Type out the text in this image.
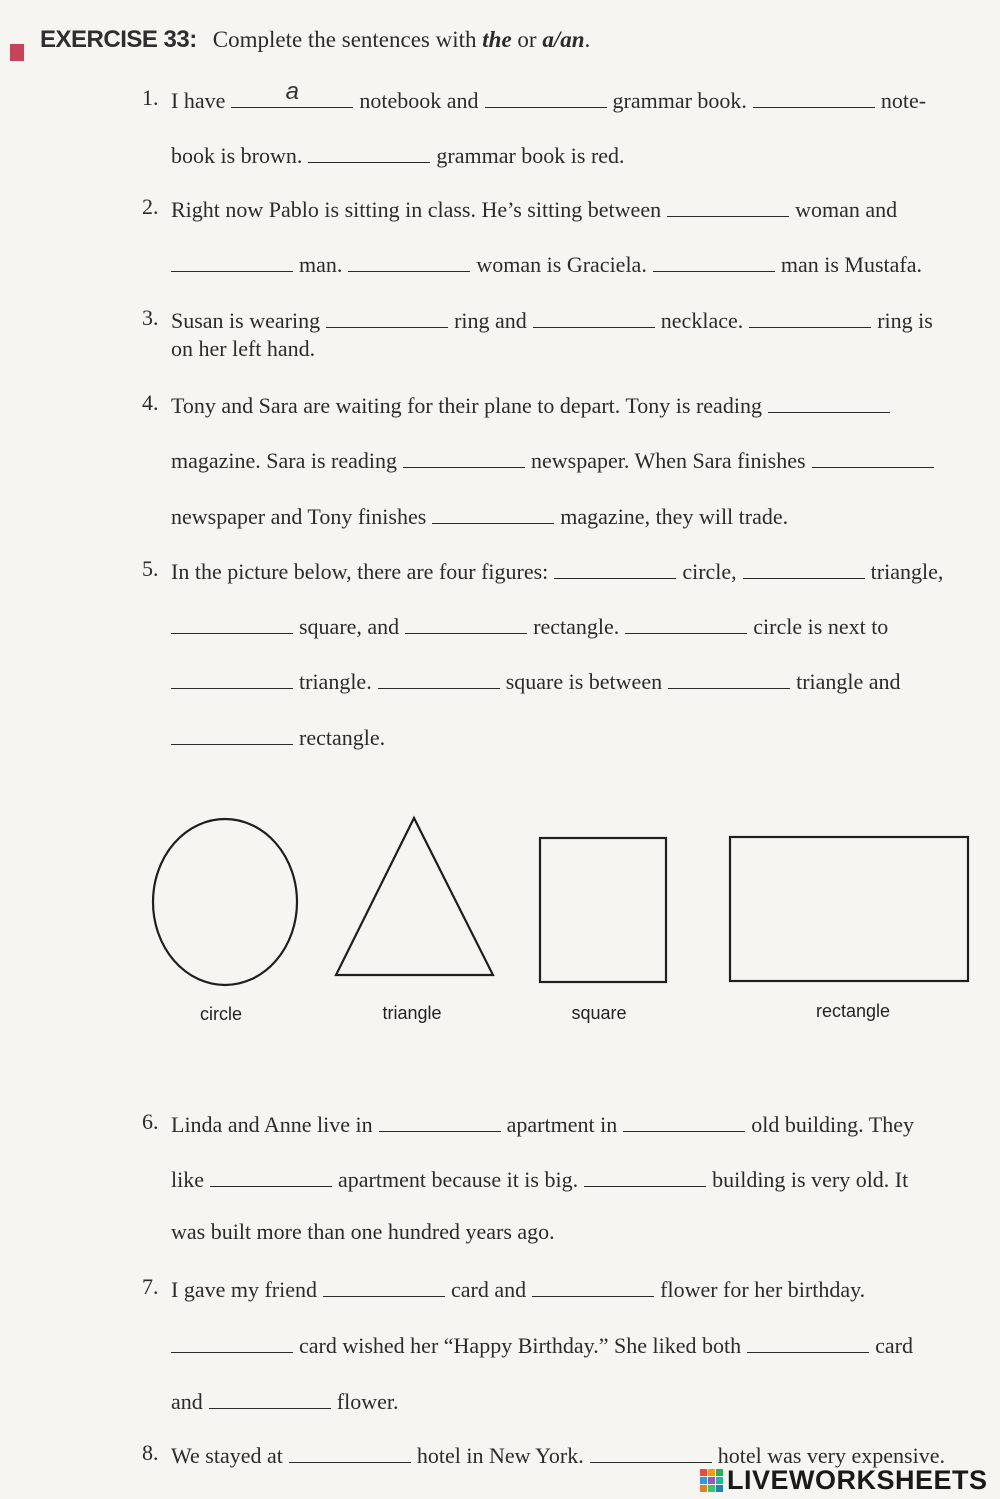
EXERCISE 33: Complete the sentences with the or a/an.
1. I have	a	notebook and	grammar book.	note-
book is brown.	grammar book is red.
2. Right now Pablo is sitting in class. He’s sitting between	woman and
man.	woman is Graciela.	man is Mustafa.
3. Susan is wearing	ring and	necklace.	ring is
on her left hand.
4. Tony and Sara are waiting for their plane to depart. Tony is reading
magazine. Sara is reading	newspaper. When Sara finishes
newspaper and Tony finishes	magazine, they will trade.
5. In the picture below, there are four figures:	circle,	triangle,
square, and	rectangle.	circle is next to
triangle.	square is between	triangle and
rectangle.
6. Linda and Anne live in	apartment in	old building. They
like	apartment because it is big.	building is very old. It
was built more than one hundred years ago.
7. I gave my friend	card and	flower for her birthday.
card wished her “Happy Birthday.” She liked both	card
and	flower.
8. We stayed at	hotel in New York.	hotel was very expensive.
circle	triangle	square	rectangle
LIVEWORKSHEETS
